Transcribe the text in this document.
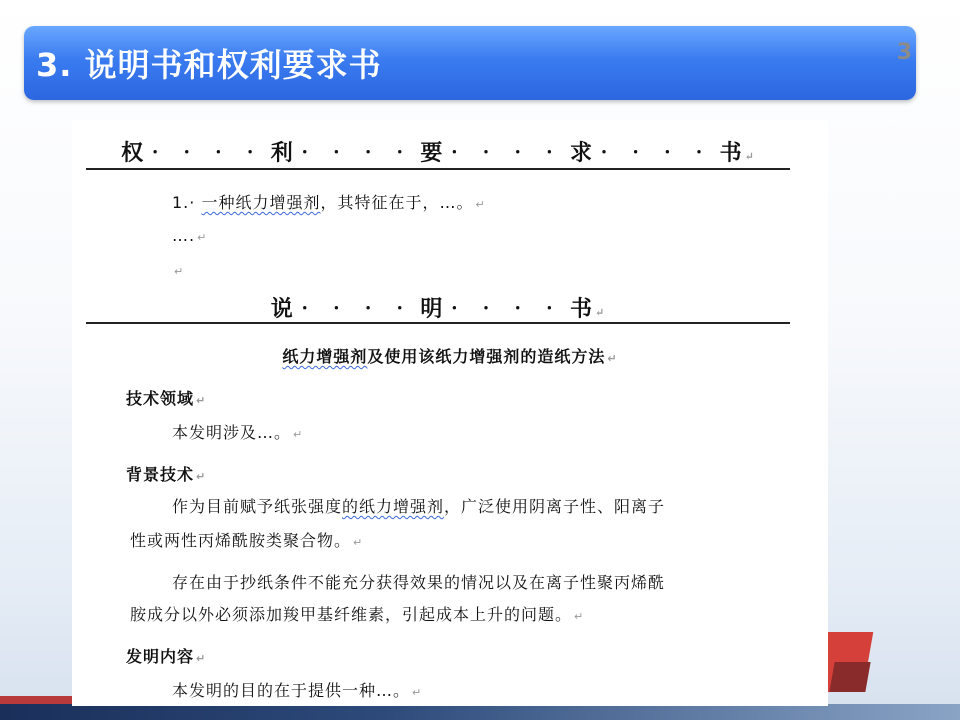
3. 说明书和权利要求书	3
权‧ ‧ ‧ ‧ 利‧ ‧ ‧ ‧ 要‧ ‧ ‧ ‧ 求‧ ‧ ‧ ‧ 书 ↵
1.· 一种纸力增强剂，其特征在于，…。 ↵
…. ↵
↵
说‧ ‧ ‧ ‧ 明‧ ‧ ‧ ‧ 书 ↵
纸力增强剂及使用该纸力增强剂的造纸方法 ↵
技术领域 ↵
本发明涉及…。 ↵
背景技术 ↵
作为目前赋予纸张强度的纸力增强剂，广泛使用阴离子性、阳离子
性或两性丙烯酰胺类聚合物。 ↵
存在由于抄纸条件不能充分获得效果的情况以及在离子性聚丙烯酰
胺成分以外必须添加羧甲基纤维素，引起成本上升的问题。 ↵
发明内容 ↵
本发明的目的在于提供一种…。 ↵
